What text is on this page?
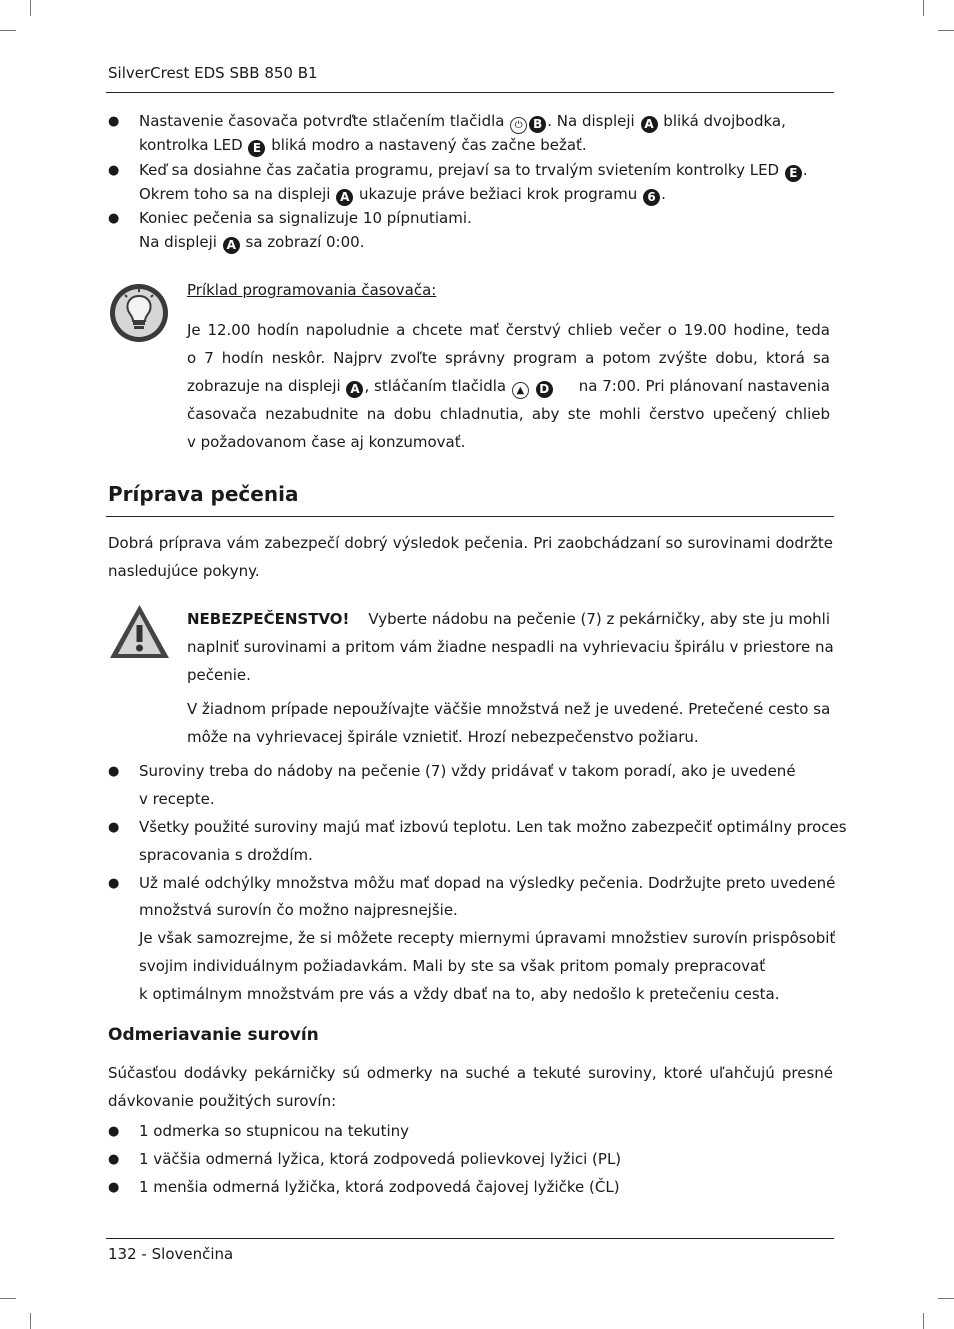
SilverCrest EDS SBB 850 B1
● Nastavenie časovača potvrďte stlačením tlačidla ⏻ B . Na displeji A bliká dvojbodka,
kontrolka LED E bliká modro a nastavený čas začne bežať.
● Keď sa dosiahne čas začatia programu, prejaví sa to trvalým svietením kontrolky LED E .
Okrem toho sa na displeji A ukazuje práve bežiaci krok programu 6 .
● Koniec pečenia sa signalizuje 10 pípnutiami.
Na displeji A sa zobrazí 0:00.
Príklad programovania časovača:
Je 12.00 hodín napoludnie a chcete mať čerstvý chlieb večer o 19.00 hodine, teda
o 7 hodín neskôr. Najprv zvoľte správny program a potom zvýšte dobu, ktorá sa
zobrazuje na displeji A , stláčaním tlačidla ▲ D	na 7:00. Pri plánovaní nastavenia
časovača nezabudnite na dobu chladnutia, aby ste mohli čerstvo upečený chlieb
v požadovanom čase aj konzumovať.
Príprava pečenia
Dobrá príprava vám zabezpečí dobrý výsledok pečenia. Pri zaobchádzaní so surovinami dodržte
nasledujúce pokyny.
NEBEZPEČENSTVO! Vyberte nádobu na pečenie (7) z pekárničky, aby ste ju mohli
naplniť surovinami a pritom vám žiadne nespadli na vyhrievaciu špirálu v priestore na
pečenie.
V žiadnom prípade nepoužívajte väčšie množstvá než je uvedené. Pretečené cesto sa
môže na vyhrievacej špirále vznietiť. Hrozí nebezpečenstvo požiaru.
● Suroviny treba do nádoby na pečenie (7) vždy pridávať v takom poradí, ako je uvedené
v recepte.
● Všetky použité suroviny majú mať izbovú teplotu. Len tak možno zabezpečiť optimálny proces
spracovania s droždím.
● Už malé odchýlky množstva môžu mať dopad na výsledky pečenia. Dodržujte preto uvedené
množstvá surovín čo možno najpresnejšie.
Je však samozrejme, že si môžete recepty miernymi úpravami množstiev surovín prispôsobiť
svojim individuálnym požiadavkám. Mali by ste sa však pritom pomaly prepracovať
k optimálnym množstvám pre vás a vždy dbať na to, aby nedošlo k pretečeniu cesta.
Odmeriavanie surovín
Súčasťou dodávky pekárničky sú odmerky na suché a tekuté suroviny, ktoré uľahčujú presné
dávkovanie použitých surovín:
● 1 odmerka so stupnicou na tekutiny
● 1 väčšia odmerná lyžica, ktorá zodpovedá polievkovej lyžici (PL)
● 1 menšia odmerná lyžička, ktorá zodpovedá čajovej lyžičke (ČL)
132 - Slovenčina
